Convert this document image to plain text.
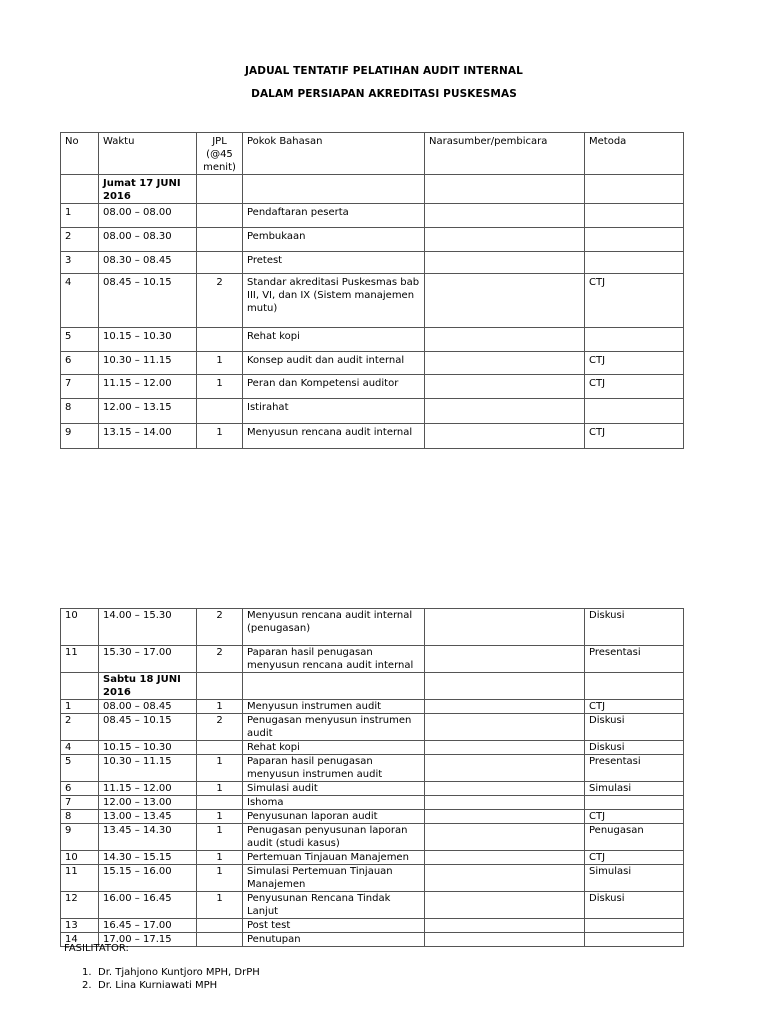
JADUAL TENTATIF PELATIHAN AUDIT INTERNAL
DALAM PERSIAPAN AKREDITASI PUSKESMAS
No	Waktu	JPL (@45 menit)	Pokok Bahasan	Narasumber/pembicara	Metoda
	Jumat 17 JUNI 2016				
1	08.00 – 08.00		Pendaftaran peserta		
2	08.00 – 08.30		Pembukaan		
3	08.30 – 08.45		Pretest		
4	08.45 – 10.15	2	Standar akreditasi Puskesmas bab III, VI, dan IX (Sistem manajemen mutu)		CTJ
5	10.15 – 10.30		Rehat kopi		
6	10.30 – 11.15	1	Konsep audit dan audit internal		CTJ
7	11.15 – 12.00	1	Peran dan Kompetensi auditor		CTJ
8	12.00 – 13.15		Istirahat		
9	13.15 – 14.00	1	Menyusun rencana audit internal		CTJ
10	14.00 – 15.30	2	Menyusun rencana audit internal (penugasan)		Diskusi
11	15.30 – 17.00	2	Paparan hasil penugasan menyusun rencana audit internal		Presentasi
	Sabtu 18 JUNI 2016				
1	08.00 – 08.45	1	Menyusun instrumen audit		CTJ
2	08.45 – 10.15	2	Penugasan menyusun instrumen audit		Diskusi
4	10.15 – 10.30		Rehat kopi		Diskusi
5	10.30 – 11.15	1	Paparan hasil penugasan menyusun instrumen audit		Presentasi
6	11.15 – 12.00	1	Simulasi audit		Simulasi
7	12.00 – 13.00		Ishoma		
8	13.00 – 13.45	1	Penyusunan laporan audit		CTJ
9	13.45 – 14.30	1	Penugasan penyusunan laporan audit (studi kasus)		Penugasan
10	14.30 – 15.15	1	Pertemuan Tinjauan Manajemen		CTJ
11	15.15 – 16.00	1	Simulasi Pertemuan Tinjauan Manajemen		Simulasi
12	16.00 – 16.45	1	Penyusunan Rencana Tindak Lanjut		Diskusi
13	16.45 – 17.00		Post test		
14	17.00 – 17.15		Penutupan		
FASILITATOR:
1. Dr. Tjahjono Kuntjoro MPH, DrPH
2. Dr. Lina Kurniawati MPH
